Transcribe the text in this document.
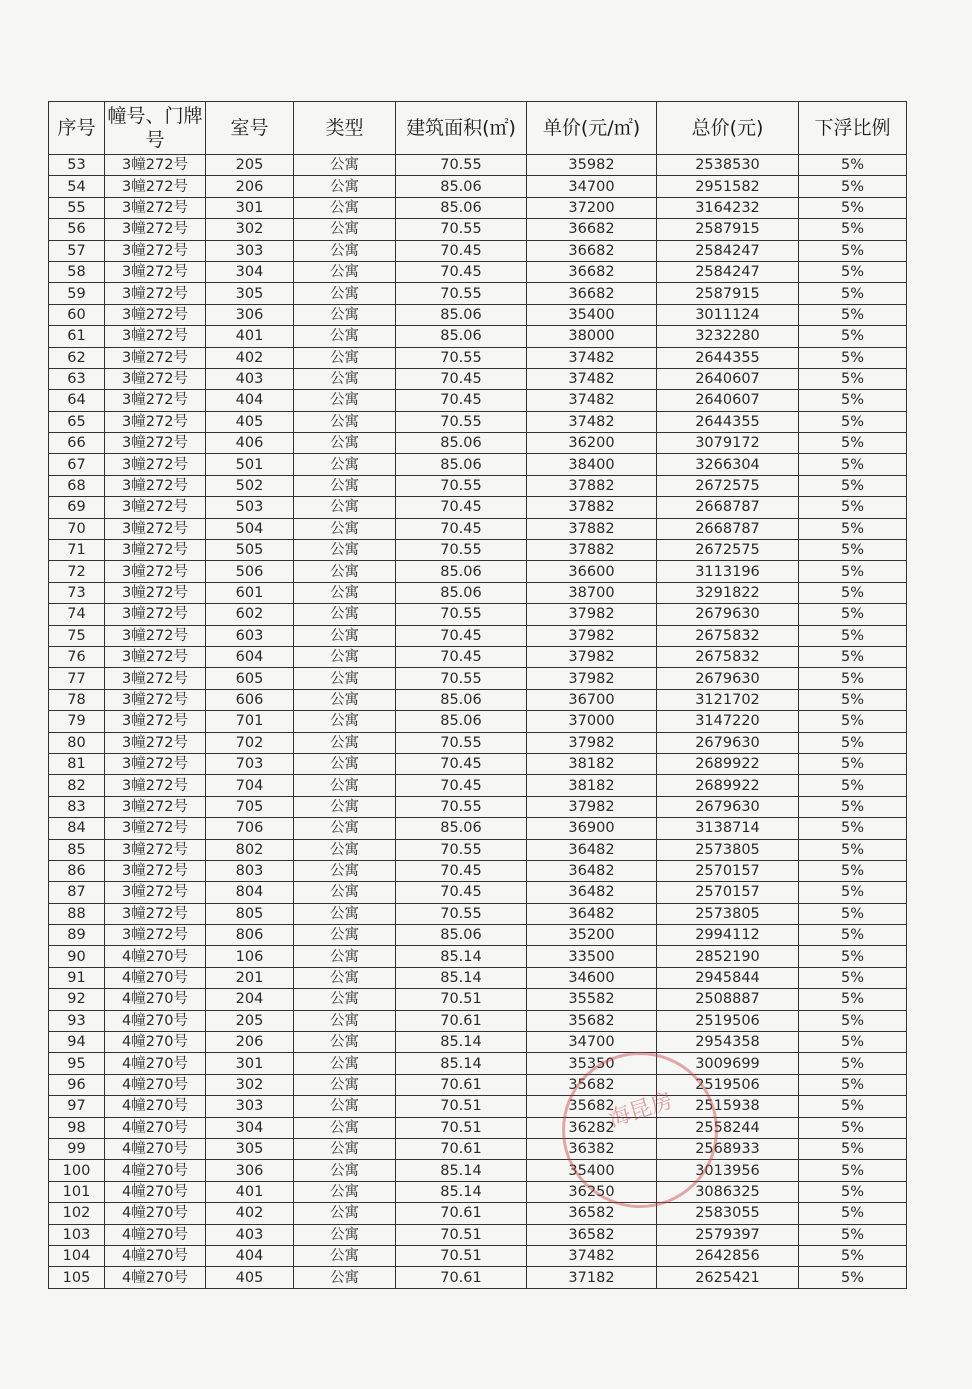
序号	幢号、门牌号	室号	类型	建筑面积(㎡)	单价(元/㎡)	总价(元)	下浮比例
53	3幢272号	205	公寓	70.55	35982	2538530	5%
54	3幢272号	206	公寓	85.06	34700	2951582	5%
55	3幢272号	301	公寓	85.06	37200	3164232	5%
56	3幢272号	302	公寓	70.55	36682	2587915	5%
57	3幢272号	303	公寓	70.45	36682	2584247	5%
58	3幢272号	304	公寓	70.45	36682	2584247	5%
59	3幢272号	305	公寓	70.55	36682	2587915	5%
60	3幢272号	306	公寓	85.06	35400	3011124	5%
61	3幢272号	401	公寓	85.06	38000	3232280	5%
62	3幢272号	402	公寓	70.55	37482	2644355	5%
63	3幢272号	403	公寓	70.45	37482	2640607	5%
64	3幢272号	404	公寓	70.45	37482	2640607	5%
65	3幢272号	405	公寓	70.55	37482	2644355	5%
66	3幢272号	406	公寓	85.06	36200	3079172	5%
67	3幢272号	501	公寓	85.06	38400	3266304	5%
68	3幢272号	502	公寓	70.55	37882	2672575	5%
69	3幢272号	503	公寓	70.45	37882	2668787	5%
70	3幢272号	504	公寓	70.45	37882	2668787	5%
71	3幢272号	505	公寓	70.55	37882	2672575	5%
72	3幢272号	506	公寓	85.06	36600	3113196	5%
73	3幢272号	601	公寓	85.06	38700	3291822	5%
74	3幢272号	602	公寓	70.55	37982	2679630	5%
75	3幢272号	603	公寓	70.45	37982	2675832	5%
76	3幢272号	604	公寓	70.45	37982	2675832	5%
77	3幢272号	605	公寓	70.55	37982	2679630	5%
78	3幢272号	606	公寓	85.06	36700	3121702	5%
79	3幢272号	701	公寓	85.06	37000	3147220	5%
80	3幢272号	702	公寓	70.55	37982	2679630	5%
81	3幢272号	703	公寓	70.45	38182	2689922	5%
82	3幢272号	704	公寓	70.45	38182	2689922	5%
83	3幢272号	705	公寓	70.55	37982	2679630	5%
84	3幢272号	706	公寓	85.06	36900	3138714	5%
85	3幢272号	802	公寓	70.55	36482	2573805	5%
86	3幢272号	803	公寓	70.45	36482	2570157	5%
87	3幢272号	804	公寓	70.45	36482	2570157	5%
88	3幢272号	805	公寓	70.55	36482	2573805	5%
89	3幢272号	806	公寓	85.06	35200	2994112	5%
90	4幢270号	106	公寓	85.14	33500	2852190	5%
91	4幢270号	201	公寓	85.14	34600	2945844	5%
92	4幢270号	204	公寓	70.51	35582	2508887	5%
93	4幢270号	205	公寓	70.61	35682	2519506	5%
94	4幢270号	206	公寓	85.14	34700	2954358	5%
95	4幢270号	301	公寓	85.14	35350	3009699	5%
96	4幢270号	302	公寓	70.61	35682	2519506	5%
97	4幢270号	303	公寓	70.51	35682	2515938	5%
98	4幢270号	304	公寓	70.51	36282	2558244	5%
99	4幢270号	305	公寓	70.61	36382	2568933	5%
100	4幢270号	306	公寓	85.14	35400	3013956	5%
101	4幢270号	401	公寓	85.14	36250	3086325	5%
102	4幢270号	402	公寓	70.61	36582	2583055	5%
103	4幢270号	403	公寓	70.51	36582	2579397	5%
104	4幢270号	404	公寓	70.51	37482	2642856	5%
105	4幢270号	405	公寓	70.61	37182	2625421	5%
海昆房
